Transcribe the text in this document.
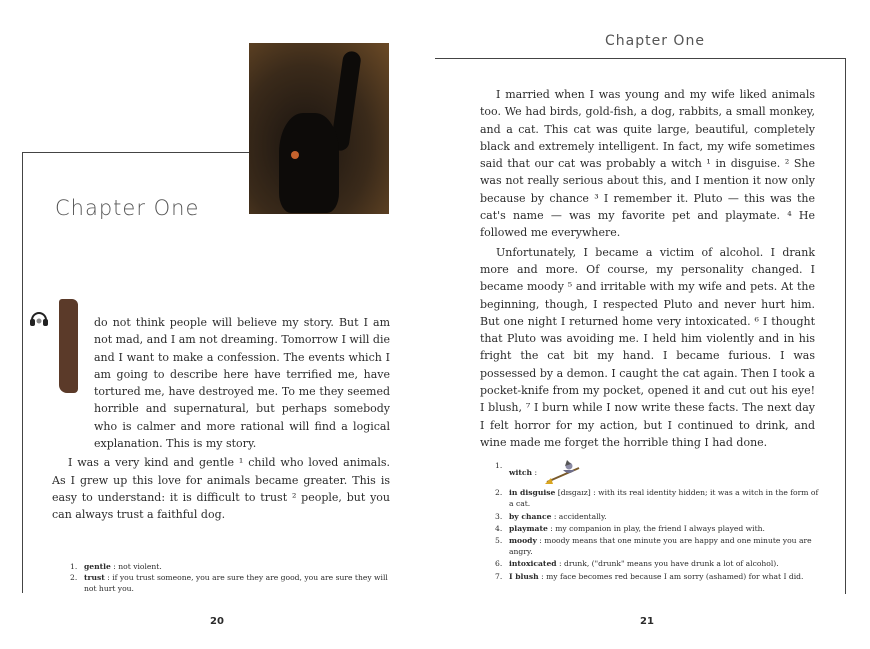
Chapter One

do not think people will believe my story. But I am not mad, and I am not dreaming. Tomorrow I will die and I want to make a confession. The events which I am going to describe here have terrified me, have tortured me, have destroyed me. To me they seemed horrible and supernatural, but perhaps somebody who is calmer and more rational will find a logical explanation. This is my story.

I was a very kind and gentle ¹ child who loved animals. As I grew up this love for animals became greater. This is easy to understand: it is difficult to trust ² people, but you can always trust a faithful dog.

1. gentle : not violent.
2. trust : if you trust someone, you are sure they are good, you are sure they will not hurt you.
20
Chapter One

I married when I was young and my wife liked animals too. We had birds, gold-fish, a dog, rabbits, a small monkey, and a cat. This cat was quite large, beautiful, completely black and extremely intelligent. In fact, my wife sometimes said that our cat was probably a witch ¹ in disguise. ² She was not really serious about this, and I mention it now only because by chance ³ I remember it. Pluto — this was the cat's name — was my favorite pet and playmate. ⁴ He followed me everywhere.

Unfortunately, I became a victim of alcohol. I drank more and more. Of course, my personality changed. I became moody ⁵ and irritable with my wife and pets. At the beginning, though, I respected Pluto and never hurt him. But one night I returned home very intoxicated. ⁶ I thought that Pluto was avoiding me. I held him violently and in his fright the cat bit my hand. I became furious. I was possessed by a demon. I caught the cat again. Then I took a pocket-knife from my pocket, opened it and cut out his eye! I blush, ⁷ I burn while I now write these facts. The next day I felt horror for my action, but I continued to drink, and wine made me forget the horrible thing I had done.

1.
witch :
2. in disguise [dɪsgaɪz] : with its real identity hidden; it was a witch in the form of a cat.
3. by chance : accidentally.
4. playmate : my companion in play, the friend I always played with.
5. moody : moody means that one minute you are happy and one minute you are angry.
6. intoxicated : drunk, ("drunk" means you have drunk a lot of alcohol).
7. I blush : my face becomes red because I am sorry (ashamed) for what I did.
21
